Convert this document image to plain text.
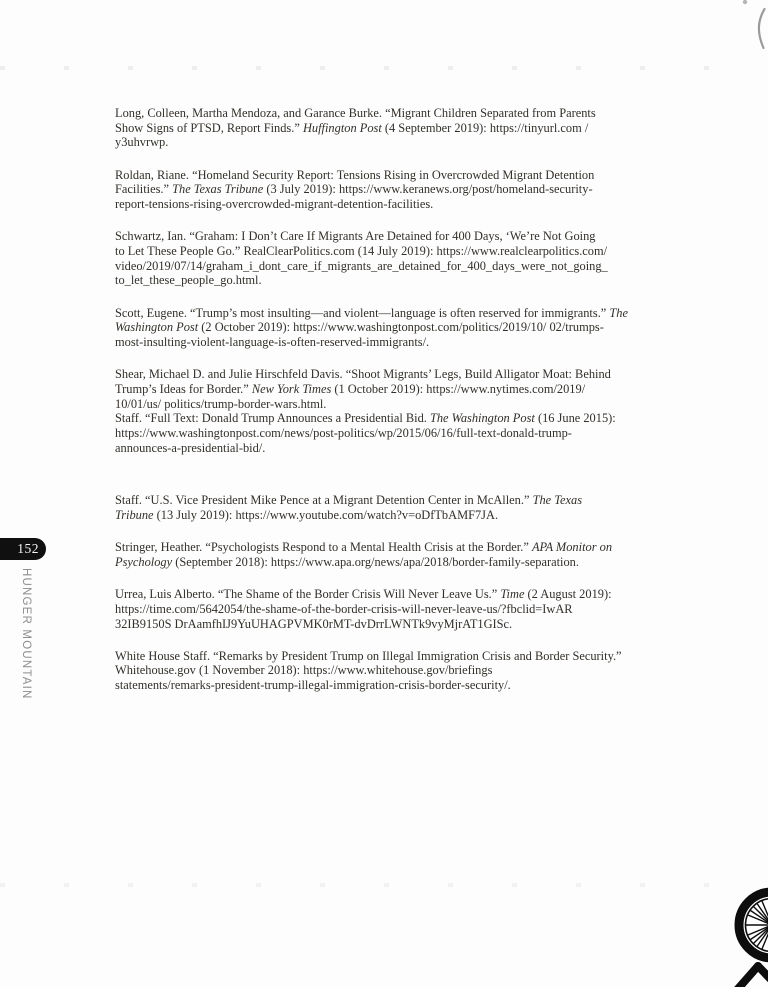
Long, Colleen, Martha Mendoza, and Garance Burke. “Migrant Children Separated from Parents
Show Signs of PTSD, Report Finds.” Huffington Post (4 September 2019): https://tinyurl.com /
y3uhvrwp.
Roldan, Riane. “Homeland Security Report: Tensions Rising in Overcrowded Migrant Detention
Facilities.” The Texas Tribune (3 July 2019): https://www.keranews.org/post/homeland-security-
report-tensions-rising-overcrowded-migrant-detention-facilities.
Schwartz, Ian. “Graham: I Don’t Care If Migrants Are Detained for 400 Days, ‘We’re Not Going
to Let These People Go.” RealClearPolitics.com (14 July 2019): https://www.realclearpolitics.com/
video/2019/07/14/graham_i_dont_care_if_migrants_are_detained_for_400_days_were_not_going_
to_let_these_people_go.html.
Scott, Eugene. “Trump’s most insulting—and violent—language is often reserved for immigrants.” The
Washington Post (2 October 2019): https://www.washingtonpost.com/politics/2019/10/ 02/trumps-
most-insulting-violent-language-is-often-reserved-immigrants/.
Shear, Michael D. and Julie Hirschfeld Davis. “Shoot Migrants’ Legs, Build Alligator Moat: Behind
Trump’s Ideas for Border.” New York Times (1 October 2019): https://www.nytimes.com/2019/
10/01/us/ politics/trump-border-wars.html.
Staff. “Full Text: Donald Trump Announces a Presidential Bid. The Washington Post (16 June 2015):
https://www.washingtonpost.com/news/post-politics/wp/2015/06/16/full-text-donald-trump-
announces-a-presidential-bid/.
Staff. “U.S. Vice President Mike Pence at a Migrant Detention Center in McAllen.” The Texas
Tribune (13 July 2019): https://www.youtube.com/watch?v=oDfTbAMF7JA.
Stringer, Heather. “Psychologists Respond to a Mental Health Crisis at the Border.” APA Monitor on
Psychology (September 2018): https://www.apa.org/news/apa/2018/border-family-separation.
Urrea, Luis Alberto. “The Shame of the Border Crisis Will Never Leave Us.” Time (2 August 2019):
https://time.com/5642054/the-shame-of-the-border-crisis-will-never-leave-us/?fbclid=IwAR
32IB9150S DrAamfhIJ9YuUHAGPVMK0rMT-dvDrrLWNTk9vyMjrAT1GISc.
White House Staff. “Remarks by President Trump on Illegal Immigration Crisis and Border Security.”
Whitehouse.gov (1 November 2018): https://www.whitehouse.gov/briefings
statements/remarks-president-trump-illegal-immigration-crisis-border-security/.
152
HUNGER MOUNTAIN
